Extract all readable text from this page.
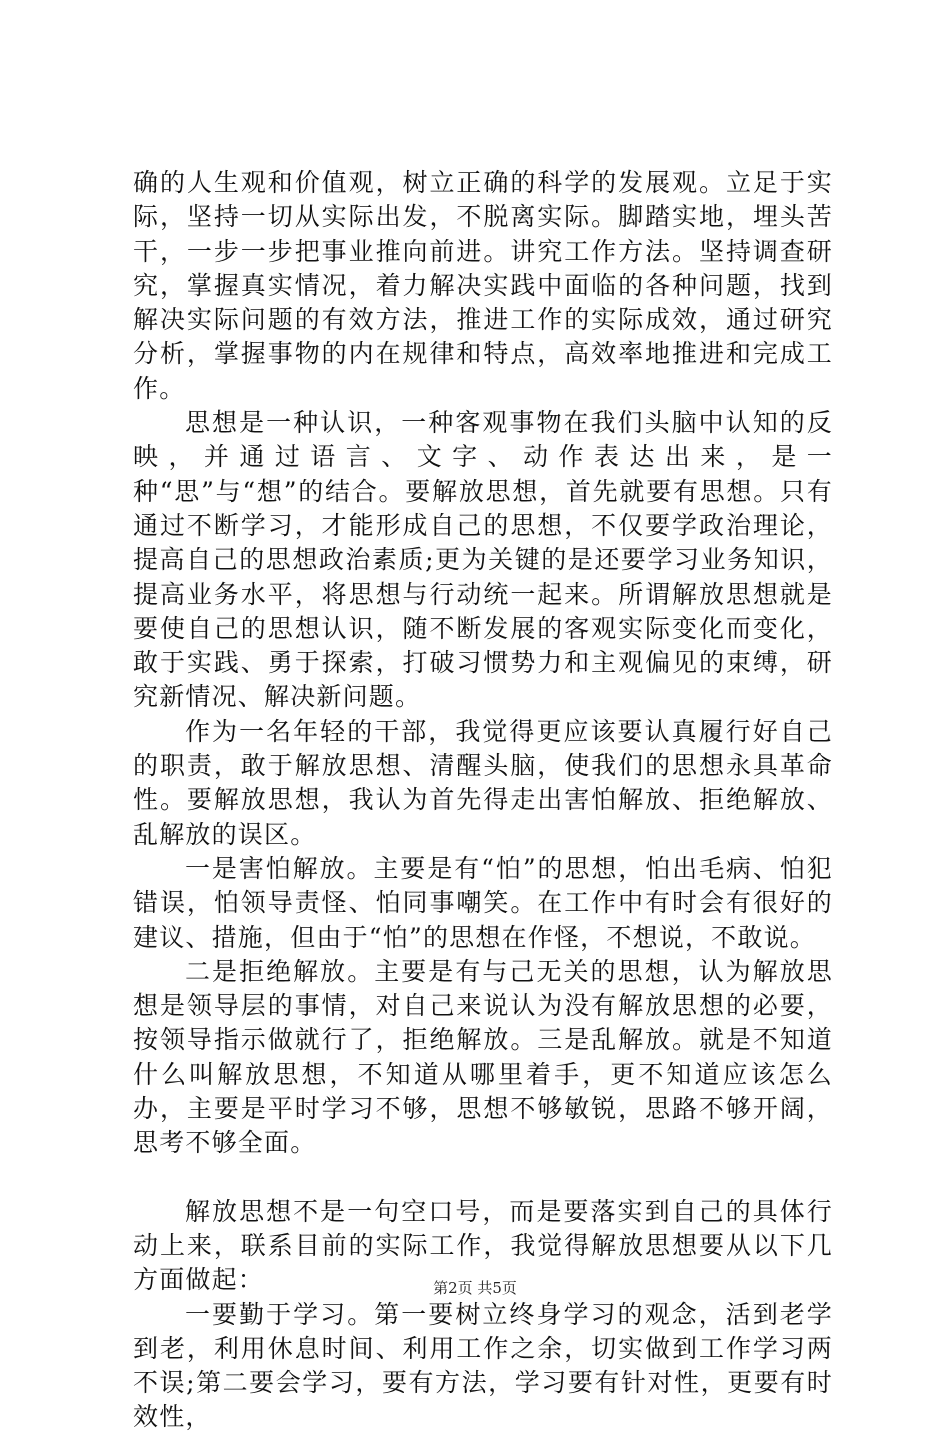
确的人生观和价值观，树立正确的科学的发展观。立足于实际，坚持一切从实际出发，不脱离实际。脚踏实地，埋头苦干，一步一步把事业推向前进。讲究工作方法。坚持调查研究，掌握真实情况，着力解决实践中面临的各种问题，找到解决实际问题的有效方法，推进工作的实际成效，通过研究分析，掌握事物的内在规律和特点，高效率地推进和完成工作。

思想是一种认识，一种客观事物在我们头脑中认知的反映，并通过语言、文字、动作表达出来，是一种“思”与“想”的结合。要解放思想，首先就要有思想。只有通过不断学习，才能形成自己的思想，不仅要学政治理论，提高自己的思想政治素质;更为关键的是还要学习业务知识，提高业务水平，将思想与行动统一起来。所谓解放思想就是要使自己的思想认识，随不断发展的客观实际变化而变化，敢于实践、勇于探索，打破习惯势力和主观偏见的束缚，研究新情况、解决新问题。

作为一名年轻的干部，我觉得更应该要认真履行好自己的职责，敢于解放思想、清醒头脑，使我们的思想永具革命性。要解放思想，我认为首先得走出害怕解放、拒绝解放、乱解放的误区。

一是害怕解放。主要是有“怕”的思想，怕出毛病、怕犯错误，怕领导责怪、怕同事嘲笑。在工作中有时会有很好的建议、措施，但由于“怕”的思想在作怪，不想说，不敢说。

二是拒绝解放。主要是有与己无关的思想，认为解放思想是领导层的事情，对自己来说认为没有解放思想的必要，按领导指示做就行了，拒绝解放。三是乱解放。就是不知道什么叫解放思想，不知道从哪里着手，更不知道应该怎么办，主要是平时学习不够，思想不够敏锐，思路不够开阔，思考不够全面。

解放思想不是一句空口号，而是要落实到自己的具体行动上来，联系目前的实际工作，我觉得解放思想要从以下几方面做起：

一要勤于学习。第一要树立终身学习的观念，活到老学到老，利用休息时间、利用工作之余，切实做到工作学习两不误;第二要会学习，要有方法，学习要有针对性，更要有时效性，

第2页 共5页
